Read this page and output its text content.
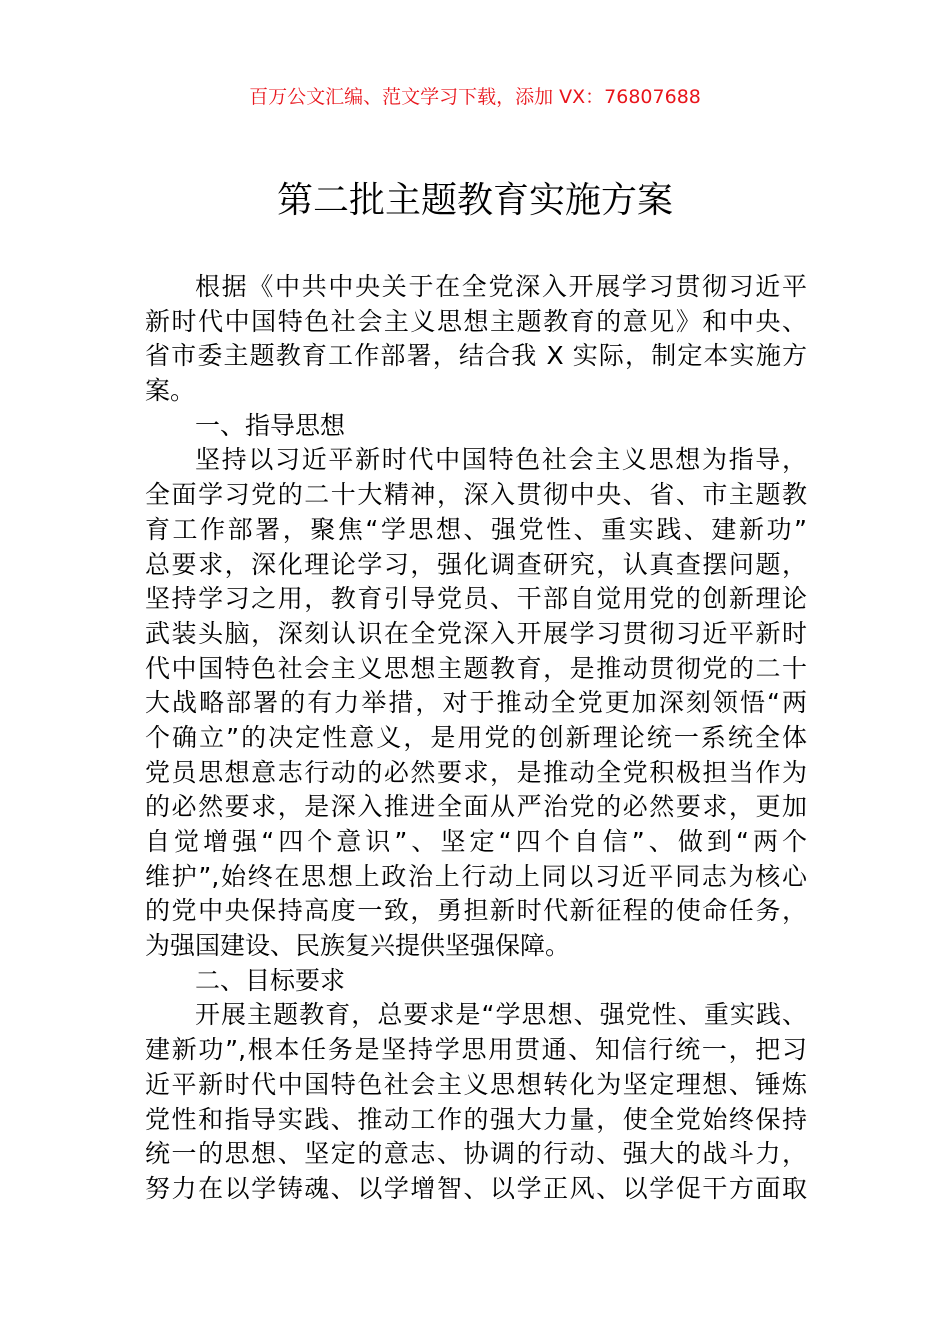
百万公文汇编、范文学习下载，添加 VX：76807688
第二批主题教育实施方案
根据《中共中央关于在全党深入开展学习贯彻习近平
新时代中国特色社会主义思想主题教育的意见》和中央、
省市委主题教育工作部署，结合我 X 实际，制定本实施方
案。
一、指导思想
坚持以习近平新时代中国特色社会主义思想为指导，
全面学习党的二十大精神，深入贯彻中央、省、市主题教
育工作部署，聚焦“学思想、强党性、重实践、建新功”
总要求，深化理论学习，强化调查研究，认真查摆问题，
坚持学习之用，教育引导党员、干部自觉用党的创新理论
武装头脑，深刻认识在全党深入开展学习贯彻习近平新时
代中国特色社会主义思想主题教育，是推动贯彻党的二十
大战略部署的有力举措，对于推动全党更加深刻领悟“两
个确立”的决定性意义，是用党的创新理论统一系统全体
党员思想意志行动的必然要求，是推动全党积极担当作为
的必然要求，是深入推进全面从严治党的必然要求，更加
自觉增强“四个意识”、坚定“四个自信”、做到“两个
维护”,始终在思想上政治上行动上同以习近平同志为核心
的党中央保持高度一致，勇担新时代新征程的使命任务，
为强国建设、民族复兴提供坚强保障。
二、目标要求
开展主题教育，总要求是“学思想、强党性、重实践、
建新功”,根本任务是坚持学思用贯通、知信行统一，把习
近平新时代中国特色社会主义思想转化为坚定理想、锤炼
党性和指导实践、推动工作的强大力量，使全党始终保持
统一的思想、坚定的意志、协调的行动、强大的战斗力，
努力在以学铸魂、以学增智、以学正风、以学促干方面取
